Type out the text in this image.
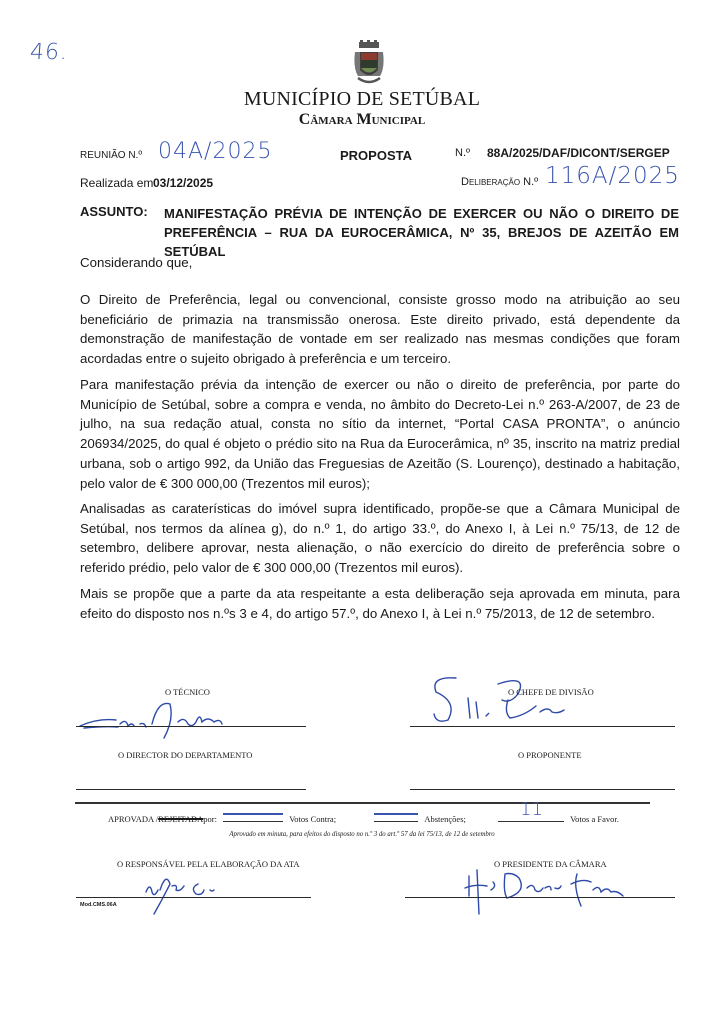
46.
MUNICÍPIO DE SETÚBAL
Câmara Municipal
REUNIÃO N.º 04A/2025	PROPOSTA	N.º 88A/2025/DAF/DICONT/SERGEP
Realizada em 03/12/2025	Deliberação N.º 116A/2025
ASSUNTO: MANIFESTAÇÃO PRÉVIA DE INTENÇÃO DE EXERCER OU NÃO O DIREITO DE PREFERÊNCIA – RUA DA EUROCERÂMICA, Nº 35, BREJOS DE AZEITÃO EM SETÚBAL
Considerando que,
O Direito de Preferência, legal ou convencional, consiste grosso modo na atribuição ao seu beneficiário de primazia na transmissão onerosa. Este direito privado, está dependente da demonstração de manifestação de vontade em ser realizado nas mesmas condições que foram acordadas entre o sujeito obrigado à preferência e um terceiro.
Para manifestação prévia da intenção de exercer ou não o direito de preferência, por parte do Município de Setúbal, sobre a compra e venda, no âmbito do Decreto-Lei n.º 263-A/2007, de 23 de julho, na sua redação atual, consta no sítio da internet, “Portal CASA PRONTA”, o anúncio 206934/2025, do qual é objeto o prédio sito na Rua da Eurocerâmica, nº 35, inscrito na matriz predial urbana, sob o artigo 992, da União das Freguesias de Azeitão (S. Lourenço), destinado a habitação, pelo valor de € 300 000,00 (Trezentos mil euros);
Analisadas as caraterísticas do imóvel supra identificado, propõe-se que a Câmara Municipal de Setúbal, nos termos da alínea g), do n.º 1, do artigo 33.º, do Anexo I, à Lei n.º 75/13, de 12 de setembro, delibere aprovar, nesta alienação, o não exercício do direito de preferência sobre o referido prédio, pelo valor de € 300 000,00 (Trezentos mil euros).
Mais se propõe que a parte da ata respeitante a esta deliberação seja aprovada em minuta, para efeito do disposto nos n.ºs 3 e 4, do artigo 57.º, do Anexo I, à Lei n.º 75/2013, de 12 de setembro.
O TÉCNICO
O DIRECTOR DO DEPARTAMENTO
O CHEFE DE DIVISÃO
O PROPONENTE
APROVADA /REJEITADApor:	Votos Contra;	Abstenções;	11	Votos a Favor.
Aprovado em minuta, para efeitos do disposto no n.º 3 do art.º 57 da lei 75/13, de 12 de setembro
O RESPONSÁVEL PELA ELABORAÇÃO DA ATA
Mod.CMS.06A
O PRESIDENTE DA CÂMARA
